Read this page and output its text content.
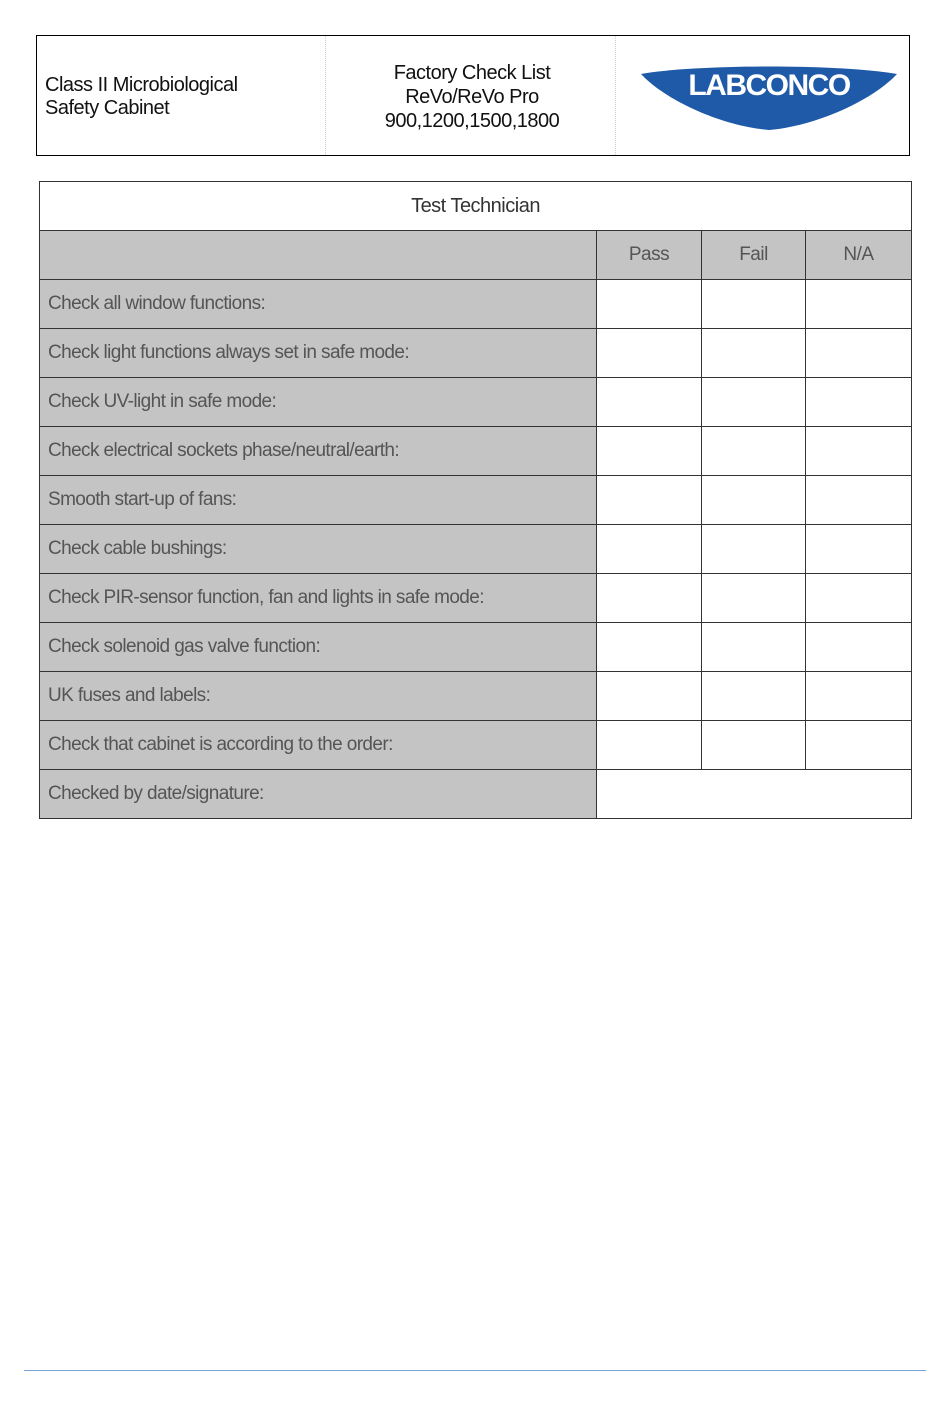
Class II Microbiological
Safety Cabinet
Factory Check List
ReVo/ReVo Pro
900,1200,1500,1800
LABCONCO
Test Technician			
	Pass	Fail	N/A
Check all window functions:			
Check light functions always set in safe mode:			
Check UV-light in safe mode:			
Check electrical sockets phase/neutral/earth:			
Smooth start-up of fans:			
Check cable bushings:			
Check PIR-sensor function, fan and lights in safe mode:			
Check solenoid gas valve function:			
UK fuses and labels:			
Check that cabinet is according to the order:			
Checked by date/signature:			
